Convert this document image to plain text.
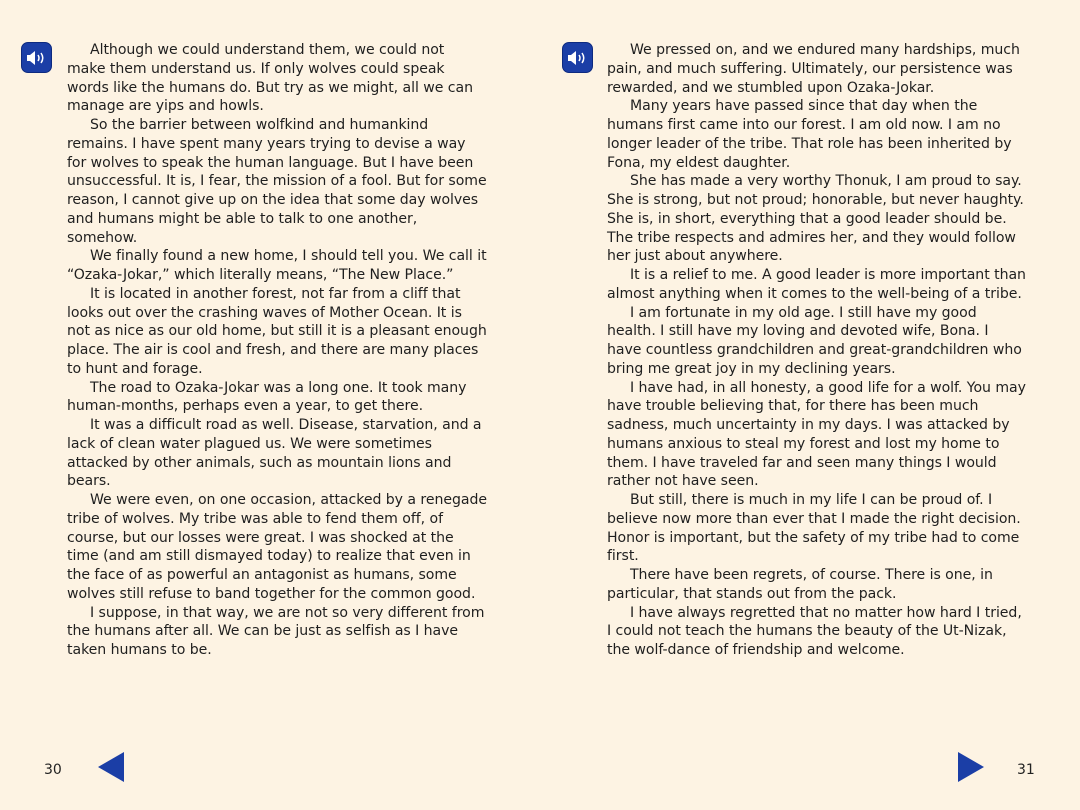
Although we could understand them, we could not make them understand us. If only wolves could speak words like the humans do. But try as we might, all we can manage are yips and howls.

So the barrier between wolfkind and humankind remains. I have spent many years trying to devise a way for wolves to speak the human language. But I have been unsuccessful. It is, I fear, the mission of a fool. But for some reason, I cannot give up on the idea that some day wolves and humans might be able to talk to one another, somehow.

We finally found a new home, I should tell you. We call it “Ozaka-Jokar,” which literally means, “The New Place.”

It is located in another forest, not far from a cliff that looks out over the crashing waves of Mother Ocean. It is not as nice as our old home, but still it is a pleasant enough place. The air is cool and fresh, and there are many places to hunt and forage.

The road to Ozaka-Jokar was a long one. It took many human-months, perhaps even a year, to get there.

It was a difficult road as well. Disease, starvation, and a lack of clean water plagued us. We were sometimes attacked by other animals, such as mountain lions and bears.

We were even, on one occasion, attacked by a renegade tribe of wolves. My tribe was able to fend them off, of course, but our losses were great. I was shocked at the time (and am still dismayed today) to realize that even in the face of as powerful an antagonist as humans, some wolves still refuse to band together for the common good.

I suppose, in that way, we are not so very different from the humans after all. We can be just as selfish as I have taken humans to be.

30

We pressed on, and we endured many hardships, much pain, and much suffering. Ultimately, our persistence was rewarded, and we stumbled upon Ozaka-Jokar.

Many years have passed since that day when the humans first came into our forest. I am old now. I am no longer leader of the tribe. That role has been inherited by Fona, my eldest daughter.

She has made a very worthy Thonuk, I am proud to say. She is strong, but not proud; honorable, but never haughty. She is, in short, everything that a good leader should be. The tribe respects and admires her, and they would follow her just about anywhere.

It is a relief to me. A good leader is more important than almost anything when it comes to the well-being of a tribe.

I am fortunate in my old age. I still have my good health. I still have my loving and devoted wife, Bona. I have countless grandchildren and great-grandchildren who bring me great joy in my declining years.

I have had, in all honesty, a good life for a wolf. You may have trouble believing that, for there has been much sadness, much uncertainty in my days. I was attacked by humans anxious to steal my forest and lost my home to them. I have traveled far and seen many things I would rather not have seen.

But still, there is much in my life I can be proud of. I believe now more than ever that I made the right decision. Honor is important, but the safety of my tribe had to come first.

There have been regrets, of course. There is one, in particular, that stands out from the pack.

I have always regretted that no matter how hard I tried, I could not teach the humans the beauty of the Ut-Nizak, the wolf-dance of friendship and welcome.

31
